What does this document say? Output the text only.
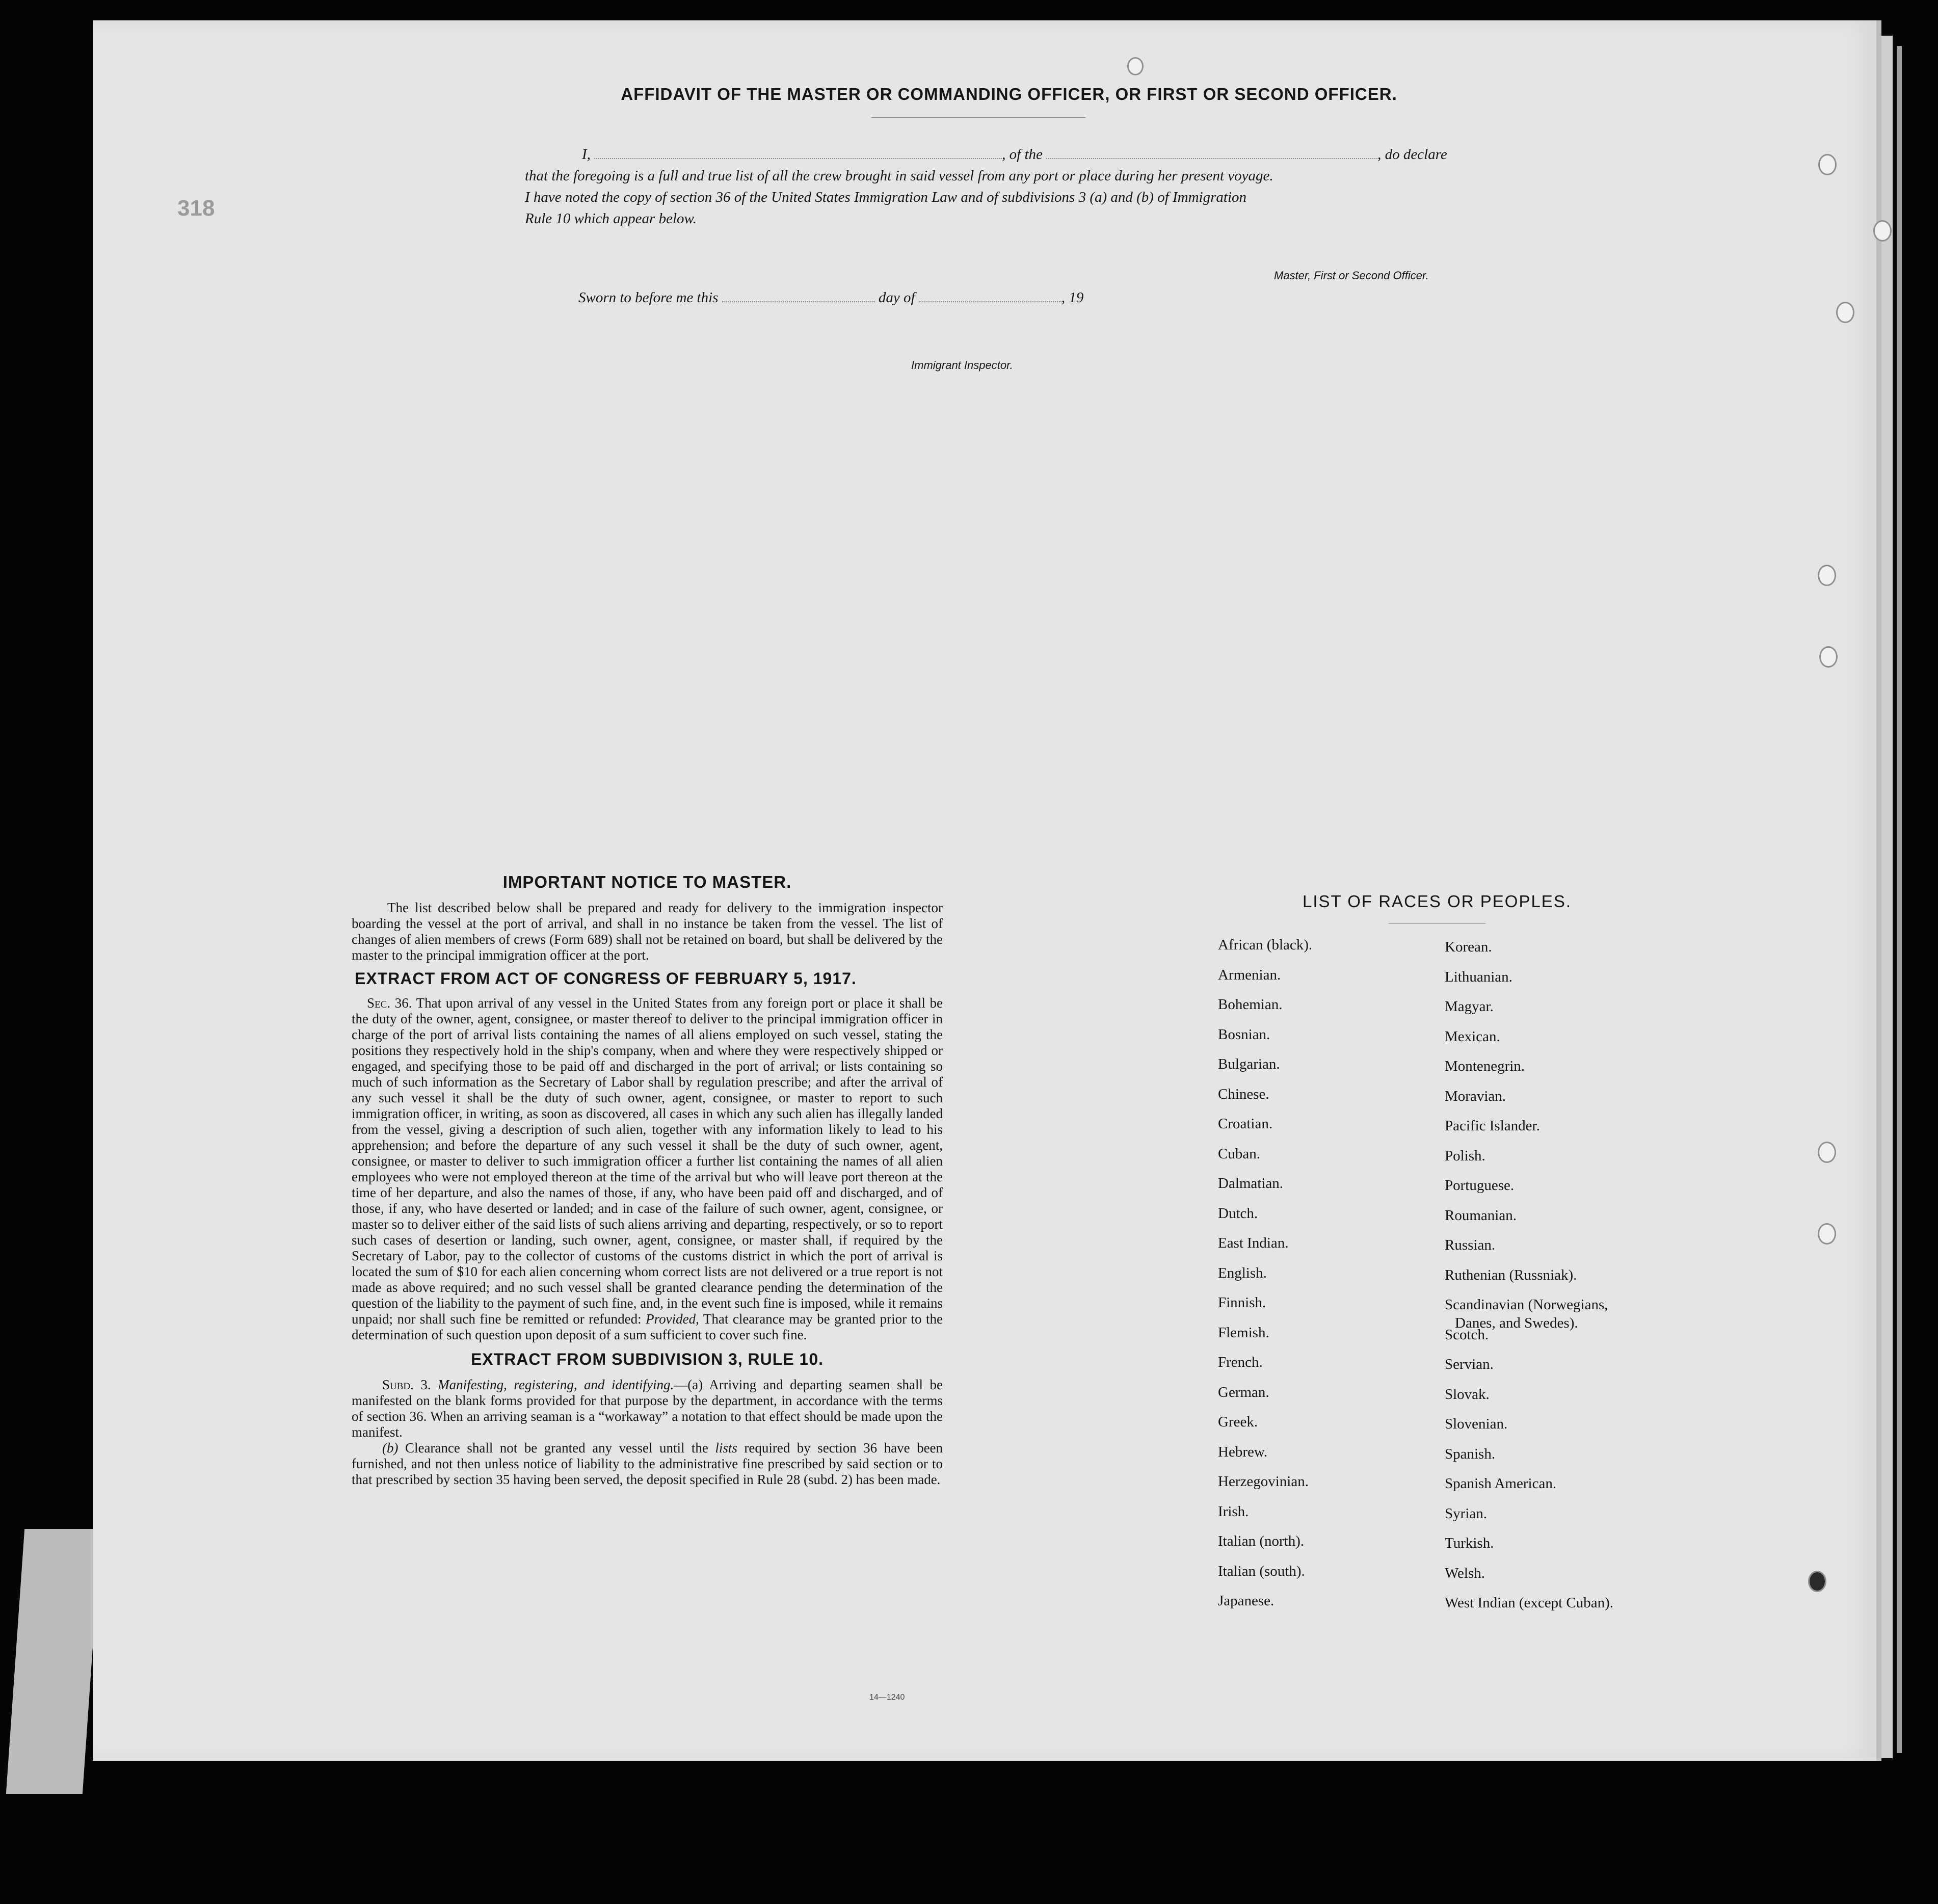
318
AFFIDAVIT OF THE MASTER OR COMMANDING OFFICER, OR FIRST OR SECOND OFFICER.
I,	, of the	, do declare
that the foregoing is a full and true list of all the crew brought in said vessel from any port or place during her present voyage.
I have noted the copy of section 36 of the United States Immigration Law and of subdivisions 3 (a) and (b) of Immigration
Rule 10 which appear below.
Master, First or Second Officer.
Sworn to before me this	day of	, 19
Immigrant Inspector.
IMPORTANT NOTICE TO MASTER.

The list described below shall be prepared and ready for delivery to the immigration inspector boarding the vessel at the port of arrival, and shall in no instance be taken from the vessel. The list of changes of alien members of crews (Form 689) shall not be retained on board, but shall be delivered by the master to the principal immigration officer at the port.

EXTRACT FROM ACT OF CONGRESS OF FEBRUARY 5, 1917.

Sec. 36. That upon arrival of any vessel in the United States from any foreign port or place it shall be the duty of the owner, agent, consignee, or master thereof to deliver to the principal immigration officer in charge of the port of arrival lists containing the names of all aliens employed on such vessel, stating the positions they respectively hold in the ship's company, when and where they were respectively shipped or engaged, and specifying those to be paid off and discharged in the port of arrival; or lists containing so much of such information as the Secretary of Labor shall by regulation prescribe; and after the arrival of any such vessel it shall be the duty of such owner, agent, consignee, or master to report to such immigration officer, in writing, as soon as discovered, all cases in which any such alien has illegally landed from the vessel, giving a description of such alien, together with any information likely to lead to his apprehension; and before the departure of any such vessel it shall be the duty of such owner, agent, consignee, or master to deliver to such immigration officer a further list containing the names of all alien employees who were not employed thereon at the time of the arrival but who will leave port thereon at the time of her departure, and also the names of those, if any, who have been paid off and discharged, and of those, if any, who have deserted or landed; and in case of the failure of such owner, agent, consignee, or master so to deliver either of the said lists of such aliens arriving and departing, respectively, or so to report such cases of desertion or landing, such owner, agent, consignee, or master shall, if required by the Secretary of Labor, pay to the collector of customs of the customs district in which the port of arrival is located the sum of $10 for each alien concerning whom correct lists are not delivered or a true report is not made as above required; and no such vessel shall be granted clearance pending the determination of the question of the liability to the payment of such fine, and, in the event such fine is imposed, while it remains unpaid; nor shall such fine be remitted or refunded: Provided, That clearance may be granted prior to the determination of such question upon deposit of a sum sufficient to cover such fine.

EXTRACT FROM SUBDIVISION 3, RULE 10.

Subd. 3. Manifesting, registering, and identifying.—(a) Arriving and departing seamen shall be manifested on the blank forms provided for that purpose by the department, in accordance with the terms of section 36. When an arriving seaman is a “workaway” a notation to that effect should be made upon the manifest.

(b) Clearance shall not be granted any vessel until the lists required by section 36 have been furnished, and not then unless notice of liability to the administrative fine prescribed by said section or to that prescribed by section 35 having been served, the deposit specified in Rule 28 (subd. 2) has been made.

14—1240
LIST OF RACES OR PEOPLES.
African (black).
Armenian.
Bohemian.
Bosnian.
Bulgarian.
Chinese.
Croatian.
Cuban.
Dalmatian.
Dutch.
East Indian.
English.
Finnish.
Flemish.
French.
German.
Greek.
Hebrew.
Herzegovinian.
Irish.
Italian (north).
Italian (south).
Japanese.
Korean.
Lithuanian.
Magyar.
Mexican.
Montenegrin.
Moravian.
Pacific Islander.
Polish.
Portuguese.
Roumanian.
Russian.
Ruthenian (Russniak).
Scandinavian (Norwegians,
Danes, and Swedes).
Scotch.
Servian.
Slovak.
Slovenian.
Spanish.
Spanish American.
Syrian.
Turkish.
Welsh.
West Indian (except Cuban).
